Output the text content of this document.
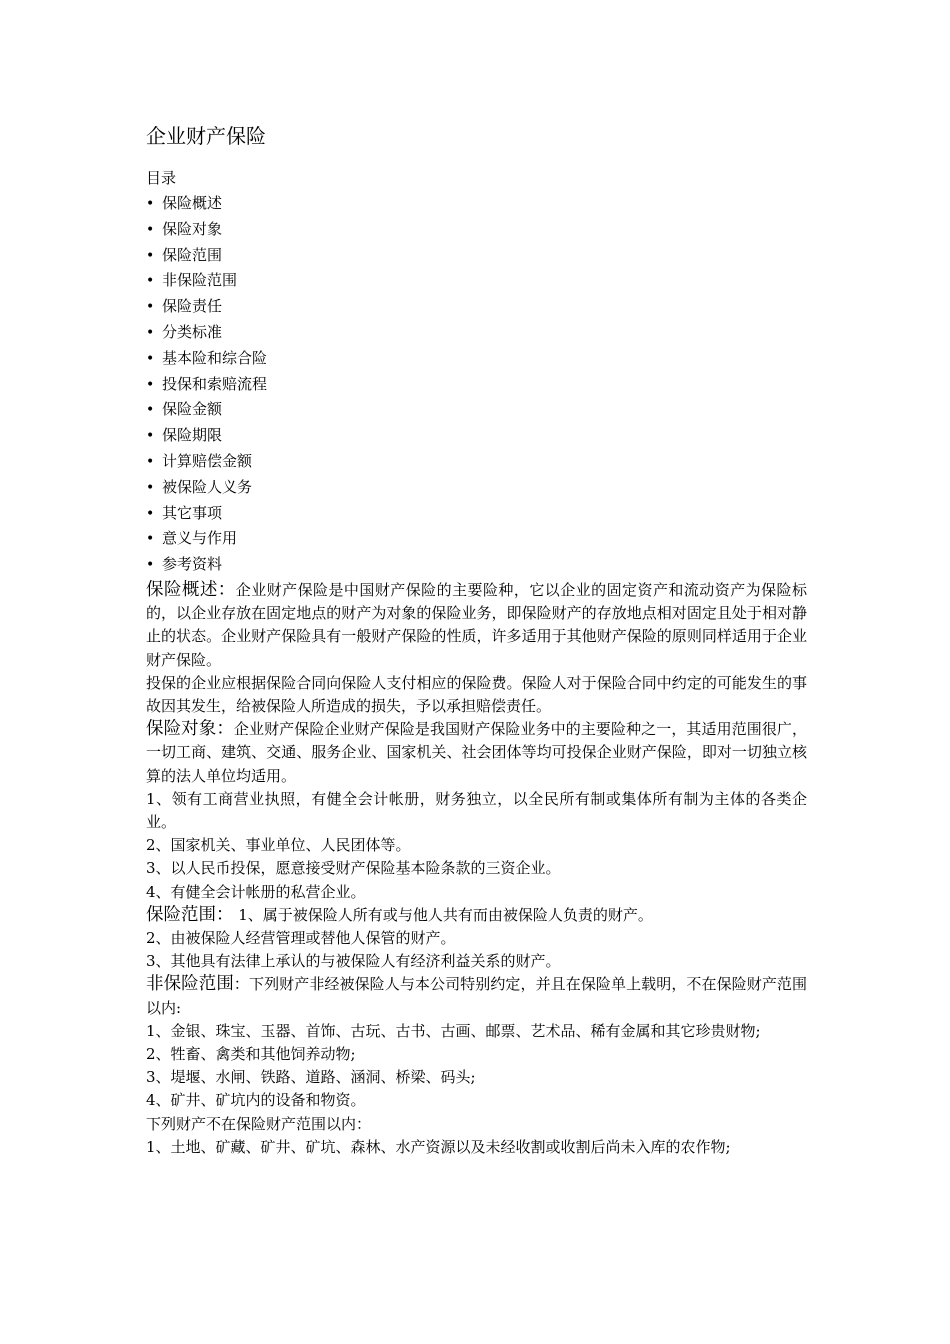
企业财产保险

目录

• 保险概述
• 保险对象
• 保险范围
• 非保险范围
• 保险责任
• 分类标准
• 基本险和综合险
• 投保和索赔流程
• 保险金额
• 保险期限
• 计算赔偿金额
• 被保险人义务
• 其它事项
• 意义与作用
• 参考资料

保险概述：企业财产保险是中国财产保险的主要险种，它以企业的固定资产和流动资产为保险标的，以企业存放在固定地点的财产为对象的保险业务，即保险财产的存放地点相对固定且处于相对静止的状态。企业财产保险具有一般财产保险的性质，许多适用于其他财产保险的原则同样适用于企业财产保险。

投保的企业应根据保险合同向保险人支付相应的保险费。保险人对于保险合同中约定的可能发生的事故因其发生，给被保险人所造成的损失，予以承担赔偿责任。

保险对象：企业财产保险企业财产保险是我国财产保险业务中的主要险种之一，其适用范围很广，一切工商、建筑、交通、服务企业、国家机关、社会团体等均可投保企业财产保险，即对一切独立核算的法人单位均适用。

1、领有工商营业执照，有健全会计帐册，财务独立，以全民所有制或集体所有制为主体的各类企业。

2、国家机关、事业单位、人民团体等。

3、以人民币投保，愿意接受财产保险基本险条款的三资企业。

4、有健全会计帐册的私营企业。

保险范围： 1、属于被保险人所有或与他人共有而由被保险人负责的财产。

2、由被保险人经营管理或替他人保管的财产。

3、其他具有法律上承认的与被保险人有经济利益关系的财产。

非保险范围：下列财产非经被保险人与本公司特别约定，并且在保险单上载明，不在保险财产范围以内:

1、金银、珠宝、玉器、首饰、古玩、古书、古画、邮票、艺术品、稀有金属和其它珍贵财物;

2、牲畜、禽类和其他饲养动物;

3、堤堰、水闸、铁路、道路、涵洞、桥梁、码头;

4、矿井、矿坑内的设备和物资。

下列财产不在保险财产范围以内：

1、土地、矿藏、矿井、矿坑、森林、水产资源以及未经收割或收割后尚未入库的农作物;
